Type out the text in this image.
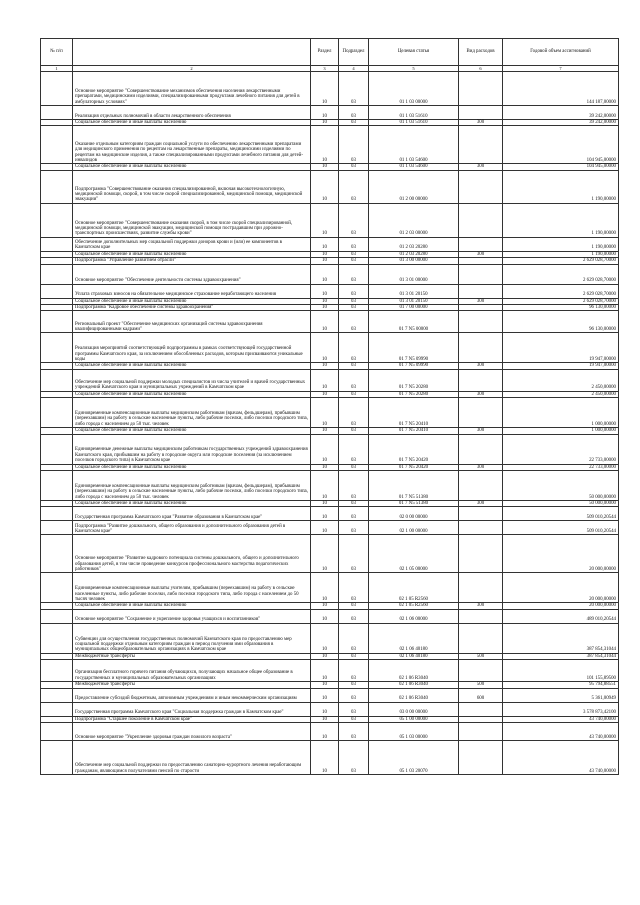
№ п/п		Раздел	Подраздел	Целевая статья	Вид расходов	Годовой объем ассигнований
1	2	3	4	5	6	7
	Основное мероприятие "Совершенствование механизмов обеспечения населения лекарственными препаратами, медицинскими изделиями, специализированными продуктами лечебного питания для детей в амбулаторных условиях"	10	03	01 1 03 00000		144 187,00000
	Реализация отдельных полномочий в области лекарственного обеспечения	10	03	01 1 03 51610		39 242,00000
	Социальное обеспечение и иные выплаты населению	10	03	01 1 03 51610	300	39 242,00000
	Оказание отдельным категориям граждан социальной услуги по обеспечению лекарственными препаратами для медицинского применения по рецептам на лекарственные препараты, медицинскими изделиями по рецептам на медицинские изделия, а также специализированными продуктами лечебного питания для детей-инвалидов	10	03	01 1 03 54600		104 945,00000
	Социальное обеспечение и иные выплаты населению	10	03	01 1 03 54600	300	104 945,00000
	Подпрограмма "Совершенствование оказания специализированной, включая высокотехнологичную, медицинской помощи, скорой, в том числе скорой специализированной, медицинской помощи, медицинской эвакуации"	10	03	01 2 00 00000		1 190,00000
	Основное мероприятие "Совершенствование оказания скорой, в том числе скорой специализированной, медицинской помощи, медицинской эвакуации, медицинской помощи пострадавшим при дорожно-транспортных происшествиях, развитие службы крови"	10	03	01 2 03 00000		1 190,00000
	Обеспечение дополнительных мер социальной поддержки доноров крови и (или) ее компонентов в Камчатском крае	10	03	01 2 03 20280		1 190,00000
	Социальное обеспечение и иные выплаты населению	10	03	01 2 03 20280	300	1 190,00000
	Подпрограмма "Управление развитием отрасли"	10	03	01 3 00 00000		2 629 028,70000
	Основное мероприятие "Обеспечение деятельности системы здравоохранения"	10	03	01 3 01 00000		2 629 028,70000
	Уплата страховых взносов на обязательное медицинское страхование неработающего населения	10	03	01 3 01 20150		2 629 028,70000
	Социальное обеспечение и иные выплаты населению	10	03	01 3 01 20150	300	2 629 028,70000
	Подпрограмма "Кадровое обеспечение системы здравоохранения"	10	03	01 7 00 00000		96 130,00000
	Региональный проект "Обеспечение медицинских организаций системы здравоохранения квалифицированными кадрами"	10	03	01 7 N5 00000		96 130,00000
	Реализация мероприятий соответствующей подпрограммы в рамках соответствующей государственной программы Камчатского края, за исключением обособленных расходов, которым присваиваются уникальные коды	10	03	01 7 N5 09990		19 947,00000
	Социальное обеспечение и иные выплаты населению	10	03	01 7 N5 09990	300	19 947,00000
	Обеспечение мер социальной поддержки молодых специалистов из числа учителей и врачей государственных учреждений Камчатского края и муниципальных учреждений в Камчатском крае	10	03	01 7 N5 20280		2 450,00000
	Социальное обеспечение и иные выплаты населению	10	03	01 7 N5 20280	300	2 450,00000
	Единовременные компенсационные выплаты медицинским работникам (врачам, фельдшерам), прибывшим (переехавшим) на работу в сельские населенные пункты, либо рабочие поселки, либо поселки городского типа, либо города с населением до 50 тыс. человек	10	03	01 7 N5 20410		1 000,00000
	Социальное обеспечение и иные выплаты населению	10	03	01 7 N5 20410	300	1 000,00000
	Единовременные денежные выплаты медицинским работникам государственных учреждений здравоохранения Камчатского края, прибывшим на работу в городские округа или городские поселения (за исключением поселков городского типа) в Камчатском крае	10	03	01 7 N5 20420		22 733,00000
	Социальное обеспечение и иные выплаты населению	10	03	01 7 N5 20420	300	22 733,00000
	Единовременные компенсационные выплаты медицинским работникам (врачам, фельдшерам), прибывшим (переехавшим) на работу в сельские населенные пункты, либо рабочие поселки, либо поселки городского типа, либо города с населением до 50 тыс. человек	10	03	01 7 N5 51380		50 000,00000
	Социальное обеспечение и иные выплаты населению	10	03	01 7 N5 51380	300	50 000,00000
	Государственная программа Камчатского края "Развитие образования в Камчатском крае"	10	03	02 0 00 00000		509 010,20544
	Подпрограмма "Развитие дошкольного, общего образования и дополнительного образования детей в Камчатском крае"	10	03	02 1 00 00000		509 010,20544
	Основное мероприятие "Развитие кадрового потенциала системы дошкольного, общего и дополнительного образования детей, в том числе проведение конкурсов профессионального мастерства педагогических работников"	10	03	02 1 05 00000		20 000,00000
	Единовременные компенсационные выплаты учителям, прибывшим (переехавшим) на работу в сельские населенные пункты, либо рабочие поселки, либо поселки городского типа, либо города с населением до 50 тысяч человек	10	03	02 1 05 R2560		20 000,00000
	Социальное обеспечение и иные выплаты населению	10	03	02 1 05 R2560	300	20 000,00000
	Основное мероприятие "Сохранение и укрепление здоровья учащихся и воспитанников"	10	03	02 1 06 00000		489 010,20544
	Субвенции для осуществления государственных полномочий Камчатского края по предоставлению мер социальной поддержки отдельным категориям граждан в период получения ими образования в муниципальных общеобразовательных организациях в Камчатском крае	10	03	02 1 06 40180		387 854,31044
	Межбюджетные трансферты	10	03	02 1 06 40180	500	387 854,31044
	Организация бесплатного горячего питания обучающихся, получающих начальное общее образование в государственных и муниципальных образовательных организациях	10	03	02 1 06 R3040		101 155,89500
	Межбюджетные трансферты	10	03	02 1 06 R3040	500	95 794,88551
	Предоставление субсидий бюджетным, автономным учреждениям и иным некоммерческим организациям	10	03	02 1 06 R3040	600	5 361,00949
	Государственная программа Камчатского края "Социальная поддержка граждан в Камчатском крае"	10	03	03 0 00 00000		3 578 873,42100
	Подпрограмма "Старшее поколение в Камчатском крае"	10	03	05 1 00 00000		43 740,00000
	Основное мероприятие "Укрепление здоровья граждан пожилого возраста"	10	03	05 1 03 00000		43 740,00000
	Обеспечение мер социальной поддержки по предоставлению санаторно-курортного лечения неработающим гражданам, являющимся получателями пенсий по старости	10	03	05 1 03 20070		43 740,00000
